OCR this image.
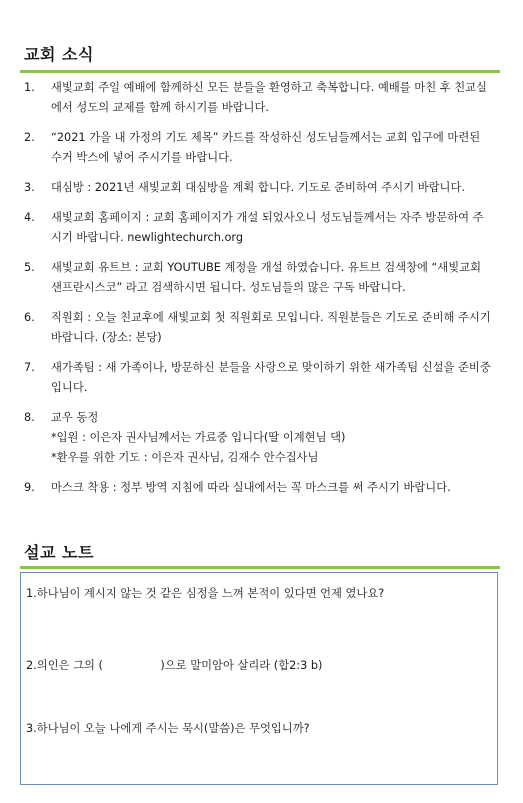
교회 소식
1.	새빛교회 주일 예배에 함께하신 모든 분들을 환영하고 축복합니다. 예배를 마친 후 친교실에서 성도의 교제를 함께 하시기를 바랍니다.
2.	“2021 가을 내 가정의 기도 제목” 카드를 작성하신 성도님들께서는 교회 입구에 마련된 수거 박스에 넣어 주시기를 바랍니다.
3.	대심방 : 2021년 새빛교회 대심방을 계획 합니다. 기도로 준비하여 주시기 바랍니다.
4.	새빛교회 홈페이지 : 교회 홈페이지가 개설 되었사오니 성도님들께서는 자주 방문하여 주시기 바랍니다. newlightechurch.org
5.	새빛교회 유트브 : 교회 YOUTUBE 계정을 개설 하였습니다. 유트브 검색창에 “새빛교회 샌프란시스코” 라고 검색하시면 됩니다. 성도님들의 많은 구독 바랍니다.
6.	직원회 : 오늘 친교후에 새빛교회 첫 직원회로 모입니다. 직원분들은 기도로 준비해 주시기 바랍니다. (장소: 본당)
7.	새가족팀 : 새 가족이나, 방문하신 분들을 사랑으로 맞이하기 위한 새가족팀 신설을 준비중 입니다.
8.	교우 동정
*입원 : 이은자 권사님께서는 가료중 입니다(딸 이계현님 댁)
*환우를 위한 기도 : 이은자 권사님, 김재수 안수집사님
9.	마스크 착용 : 정부 방역 지침에 따라 실내에서는 꼭 마스크를 써 주시기 바랍니다.
설교 노트

1.하나님이 계시지 않는 것 같은 심정을 느껴 본적이 있다면 언제 였나요?

2.의인은 그의 (                )으로 말미암아 살리라 (합2:3 b)

3.하나님이 오늘 나에게 주시는 묵시(말씀)은 무엇입니까?
